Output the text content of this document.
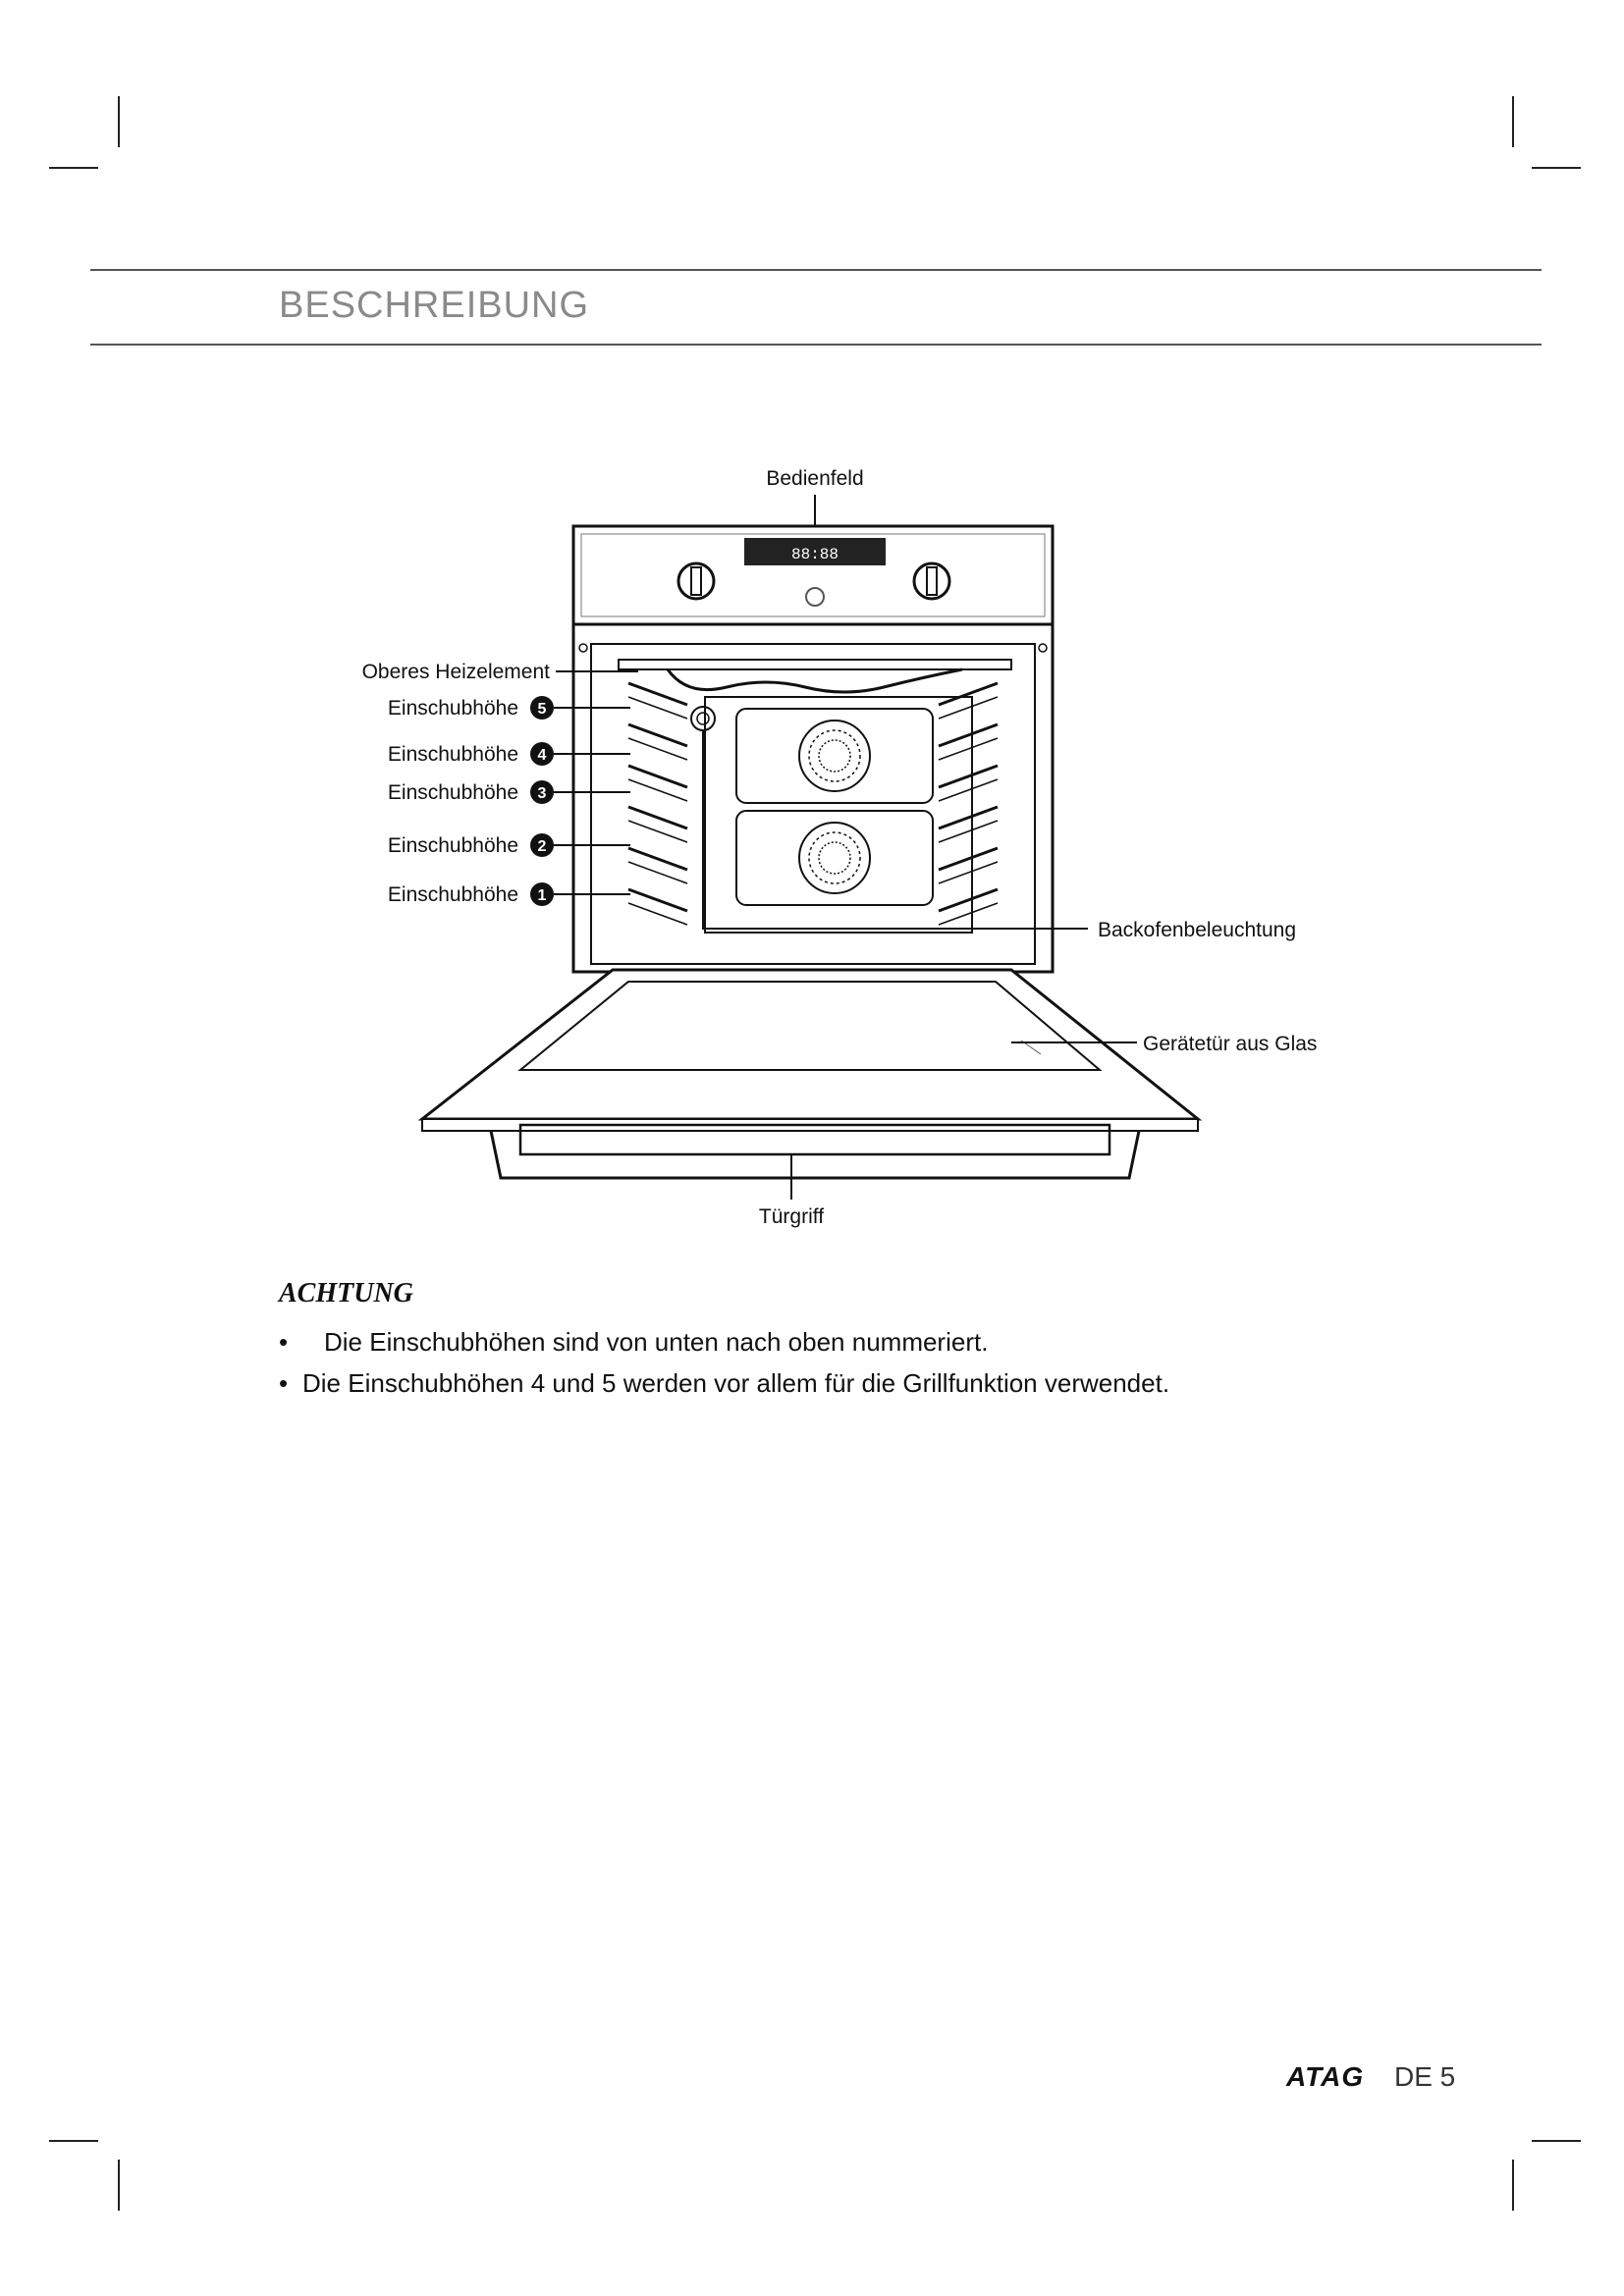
BESCHREIBUNG
Bedienfeld
88:88
Oberes Heizelement
Einschubhöhe 5
Einschubhöhe 4
Einschubhöhe 3
Einschubhöhe 2
Einschubhöhe 1
Backofenbeleuchtung
Gerätetür aus Glas
Türgriff
ACHTUNG
• Die Einschubhöhen sind von unten nach oben nummeriert.
• Die Einschubhöhen 4 und 5 werden vor allem für die Grillfunktion verwendet.
ATAG DE 5
